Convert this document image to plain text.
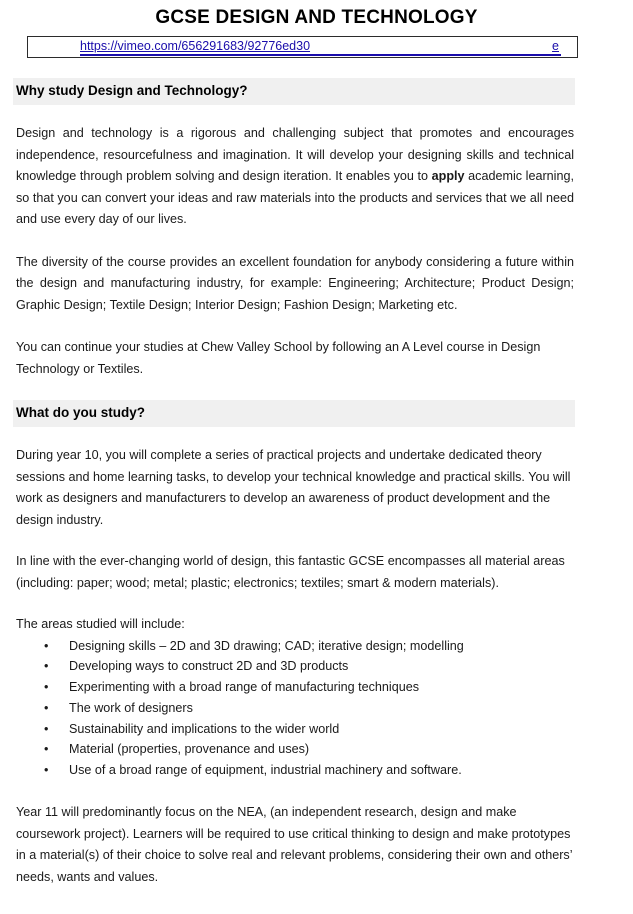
GCSE DESIGN AND TECHNOLOGY
https://vimeo.com/656291683/92776ed30	e
Why study Design and Technology?

Design and technology is a rigorous and challenging subject that promotes and encourages independence, resourcefulness and imagination. It will develop your designing skills and technical knowledge through problem solving and design iteration. It enables you to apply academic learning, so that you can convert your ideas and raw materials into the products and services that we all need and use every day of our lives.

The diversity of the course provides an excellent foundation for anybody considering a future within the design and manufacturing industry, for example: Engineering; Architecture; Product Design; Graphic Design; Textile Design; Interior Design; Fashion Design; Marketing etc.

You can continue your studies at Chew Valley School by following an A Level course in Design Technology or Textiles.

What do you study?

During year 10, you will complete a series of practical projects and undertake dedicated theory sessions and home learning tasks, to develop your technical knowledge and practical skills. You will work as designers and manufacturers to develop an awareness of product development and the design industry.

In line with the ever-changing world of design, this fantastic GCSE encompasses all material areas (including: paper; wood; metal; plastic; electronics; textiles; smart & modern materials).

The areas studied will include:

• Designing skills – 2D and 3D drawing; CAD; iterative design; modelling
• Developing ways to construct 2D and 3D products
• Experimenting with a broad range of manufacturing techniques
• The work of designers
• Sustainability and implications to the wider world
• Material (properties, provenance and uses)
• Use of a broad range of equipment, industrial machinery and software.

Year 11 will predominantly focus on the NEA, (an independent research, design and make coursework project). Learners will be required to use critical thinking to design and make prototypes in a material(s) of their choice to solve real and relevant problems, considering their own and others’ needs, wants and values.
